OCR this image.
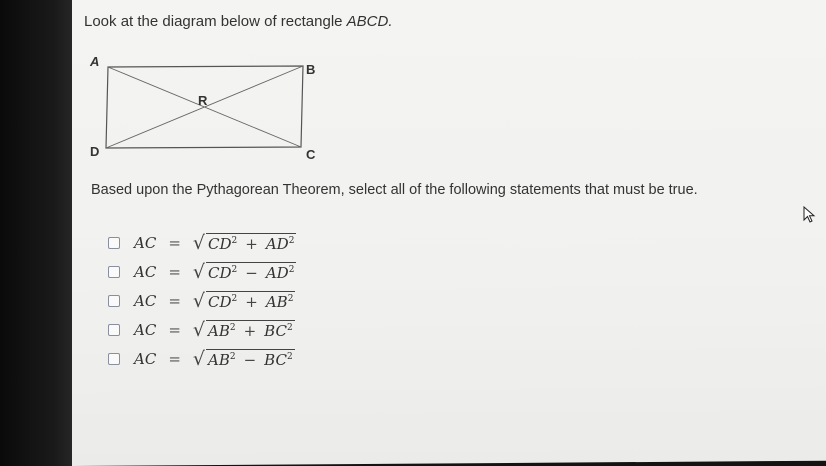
Look at the diagram below of rectangle ABCD.
A
B
C
D
R
Based upon the Pythagorean Theorem, select all of the following statements that must be true.
AC = √ $CD^2 + AD^2$
AC = √ $CD^2 - AD^2$
AC = √ $CD^2 + AB^2$
AC = √ $AB^2 + BC^2$
AC = √ $AB^2 - BC^2$
